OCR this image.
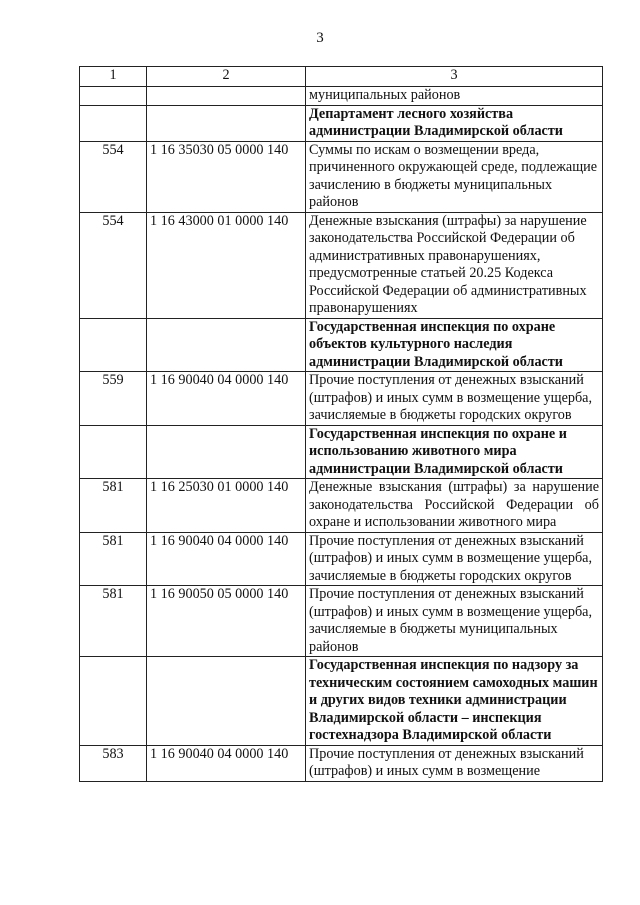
3
1	2	3
		муниципальных районов
		Департамент лесного хозяйства администрации Владимирской области
554	1 16 35030 05 0000 140	Суммы по искам о возмещении вреда, причиненного окружающей среде, подлежащие зачислению в бюджеты муниципальных районов
554	1 16 43000 01 0000 140	Денежные взыскания (штрафы) за нарушение законодательства Российской Федерации об административных правонарушениях, предусмотренные статьей 20.25 Кодекса Российской Федерации об административных правонарушениях
		Государственная инспекция по охране объектов культурного наследия администрации Владимирской области
559	1 16 90040 04 0000 140	Прочие поступления от денежных взысканий (штрафов) и иных сумм в возмещение ущерба, зачисляемые в бюджеты городских округов
		Государственная инспекция по охране и использованию животного мира администрации Владимирской области
581	1 16 25030 01 0000 140	Денежные взыскания (штрафы) за нарушение законодательства Российской Федерации об охране и использовании животного мира
581	1 16 90040 04 0000 140	Прочие поступления от денежных взысканий (штрафов) и иных сумм в возмещение ущерба, зачисляемые в бюджеты городских округов
581	1 16 90050 05 0000 140	Прочие поступления от денежных взысканий (штрафов) и иных сумм в возмещение ущерба, зачисляемые в бюджеты муниципальных районов
		Государственная инспекция по надзору за техническим состоянием самоходных машин и других видов техники администрации Владимирской области – инспекция гостехнадзора Владимирской области
583	1 16 90040 04 0000 140	Прочие поступления от денежных взысканий (штрафов) и иных сумм в возмещение
